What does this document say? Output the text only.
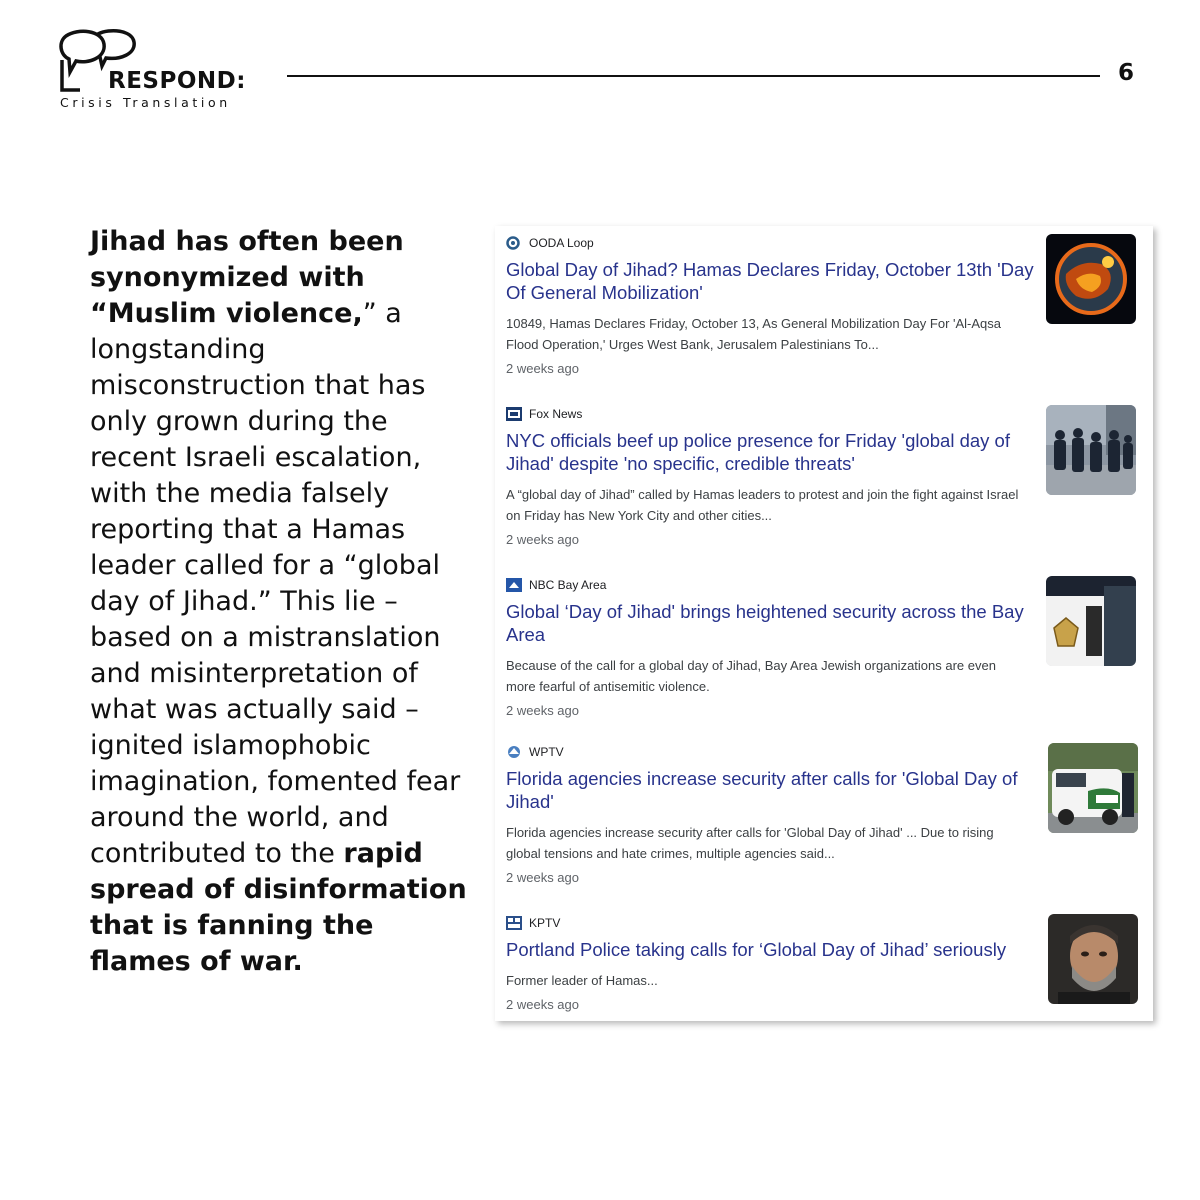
RESPOND:
Crisis Translation
6
Jihad has often been synonymized with “Muslim violence,” a longstanding misconstruction that has only grown during the recent Israeli escalation, with the media falsely reporting that a Hamas leader called for a “global day of Jihad.” This lie – based on a mistranslation and misinterpretation of what was actually said – ignited islamophobic imagination, fomented fear around the world, and contributed to the rapid spread of disinformation that is fanning the flames of war.
OODA Loop
Global Day of Jihad? Hamas Declares Friday, October 13th 'Day Of General Mobilization'
10849, Hamas Declares Friday, October 13, As General Mobilization Day For 'Al-Aqsa Flood Operation,' Urges West Bank, Jerusalem Palestinians To...
2 weeks ago
Fox News
NYC officials beef up police presence for Friday 'global day of Jihad' despite 'no specific, credible threats'
A “global day of Jihad” called by Hamas leaders to protest and join the fight against Israel on Friday has New York City and other cities...
2 weeks ago
NBC Bay Area
Global ‘Day of Jihad' brings heightened security across the Bay Area
Because of the call for a global day of Jihad, Bay Area Jewish organizations are even more fearful of antisemitic violence.
2 weeks ago
WPTV
Florida agencies increase security after calls for 'Global Day of Jihad'
Florida agencies increase security after calls for 'Global Day of Jihad' ... Due to rising global tensions and hate crimes, multiple agencies said...
2 weeks ago
KPTV
Portland Police taking calls for ‘Global Day of Jihad’ seriously
Former leader of Hamas...
2 weeks ago
